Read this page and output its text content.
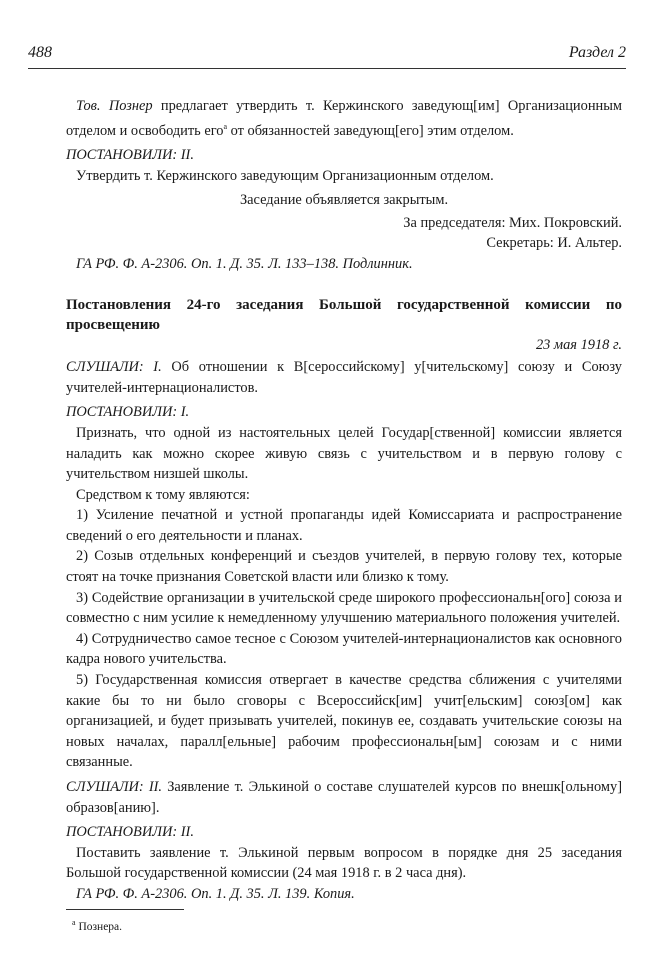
488	Раздел 2

Тов. Познер предлагает утвердить т. Кержинского заведующ[им] Организационным отделом и освободить его$^а$ от обязанностей заведующ[его] этим отделом.

ПОСТАНОВИЛИ: II.

Утвердить т. Кержинского заведующим Организационным отделом.

Заседание объявляется закрытым.

За председателя: Мих. Покровский.

Секретарь: И. Альтер.

ГА РФ. Ф. А-2306. Оп. 1. Д. 35. Л. 133–138. Подлинник.

Постановления 24-го заседания Большой государственной комиссии по просвещению

23 мая 1918 г.

СЛУШАЛИ: I. Об отношении к В[сероссийскому] у[чительскому] союзу и Союзу учителей-интернационалистов.

ПОСТАНОВИЛИ: I.

Признать, что одной из настоятельных целей Государ[ственной] комиссии является наладить как можно скорее живую связь с учительством и в первую голову с учительством низшей школы.

Средством к тому являются:

1) Усиление печатной и устной пропаганды идей Комиссариата и распространение сведений о его деятельности и планах.

2) Созыв отдельных конференций и съездов учителей, в первую голову тех, которые стоят на точке признания Советской власти или близко к тому.

3) Содействие организации в учительской среде широкого профессиональн[ого] союза и совместно с ним усилие к немедленному улучшению материального положения учителей.

4) Сотрудничество самое тесное с Союзом учителей-интернационалистов как основного кадра нового учительства.

5) Государственная комиссия отвергает в качестве средства сближения с учителями какие бы то ни было сговоры с Всероссийск[им] учит[ельским] союз[ом] как организацией, и будет призывать учителей, покинув ее, создавать учительские союзы на новых началах, паралл[ельные] рабочим профессиональн[ым] союзам и с ними связанные.

СЛУШАЛИ: II. Заявление т. Элькиной о составе слушателей курсов по внешк[ольному] образов[анию].

ПОСТАНОВИЛИ: II.

Поставить заявление т. Элькиной первым вопросом в порядке дня 25 заседания Большой государственной комиссии (24 мая 1918 г. в 2 часа дня).

ГА РФ. Ф. А-2306. Оп. 1. Д. 35. Л. 139. Копия.

$^а$ Познера.
